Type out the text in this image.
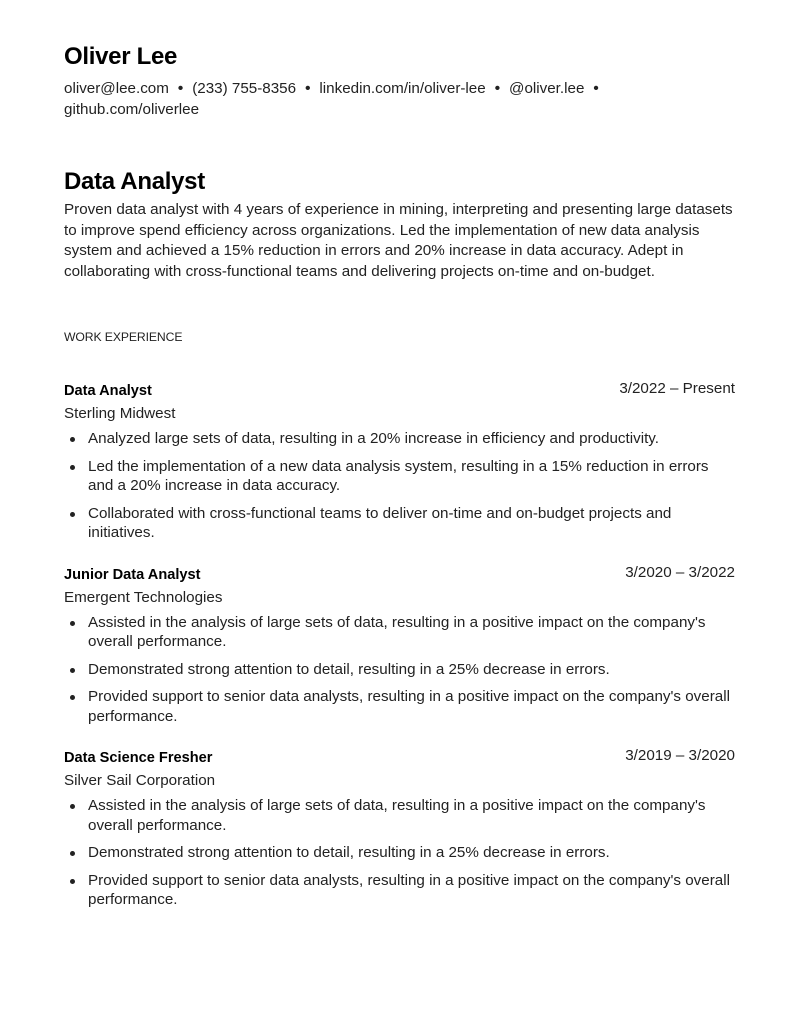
Oliver Lee
oliver@lee.com • (233) 755-8356 • linkedin.com/in/oliver-lee • @oliver.lee •
github.com/oliverlee
Data Analyst

Proven data analyst with 4 years of experience in mining, interpreting and presenting large datasets to improve spend efficiency across organizations. Led the implementation of new data analysis system and achieved a 15% reduction in errors and 20% increase in data accuracy. Adept in collaborating with cross-functional teams and delivering projects on-time and on-budget.

WORK EXPERIENCE
Data Analyst	3/2022 – Present
Sterling Midwest
Analyzed large sets of data, resulting in a 20% increase in efficiency and productivity.
Led the implementation of a new data analysis system, resulting in a 15% reduction in errors and a 20% increase in data accuracy.
Collaborated with cross-functional teams to deliver on-time and on-budget projects and initiatives.
Junior Data Analyst	3/2020 – 3/2022
Emergent Technologies
Assisted in the analysis of large sets of data, resulting in a positive impact on the company's overall performance.
Demonstrated strong attention to detail, resulting in a 25% decrease in errors.
Provided support to senior data analysts, resulting in a positive impact on the company's overall performance.
Data Science Fresher	3/2019 – 3/2020
Silver Sail Corporation
Assisted in the analysis of large sets of data, resulting in a positive impact on the company's overall performance.
Demonstrated strong attention to detail, resulting in a 25% decrease in errors.
Provided support to senior data analysts, resulting in a positive impact on the company's overall performance.
